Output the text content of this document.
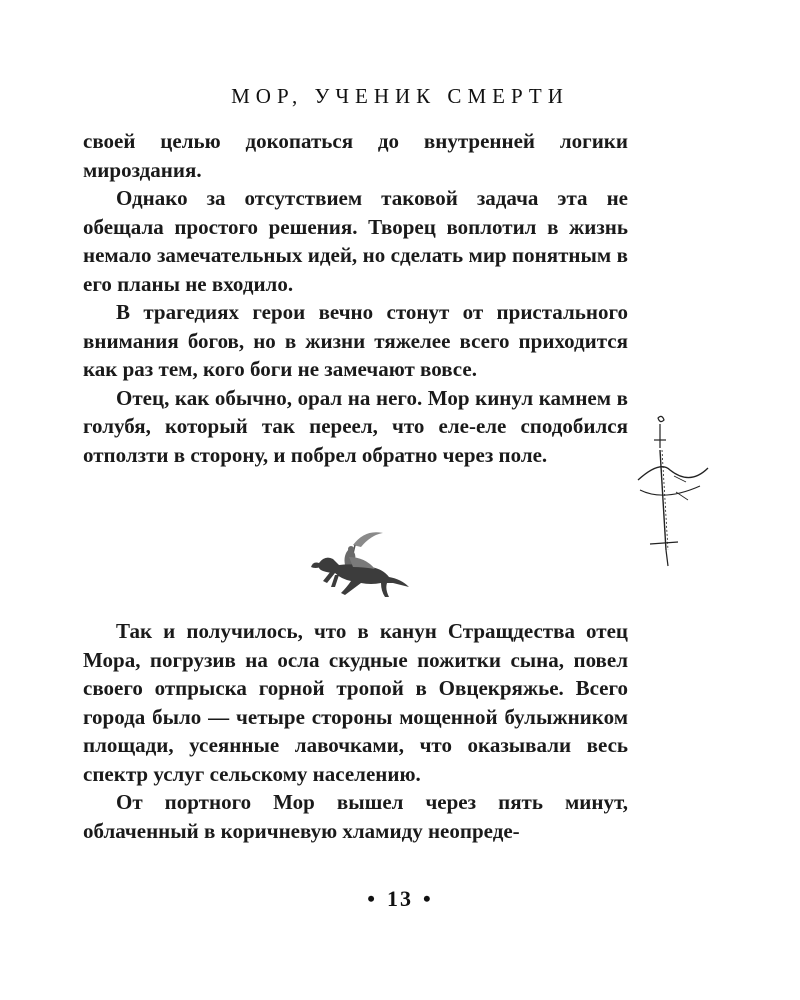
МОР, УЧЕНИК СМЕРТИ

своей целью докопаться до внутренней логики мироздания.

Однако за отсутствием таковой задача эта не обещала простого решения. Творец воплотил в жизнь немало замечательных идей, но сделать мир понятным в его планы не входило.

В трагедиях герои вечно стонут от пристального внимания богов, но в жизни тяжелее всего приходится как раз тем, кого боги не замечают вовсе.

Отец, как обычно, орал на него. Мор кинул камнем в голубя, который так переел, что еле-еле сподобился отползти в сторону, и побрел обратно через поле.

Так и получилось, что в канун Стращдества отец Мора, погрузив на осла скудные пожитки сына, повел своего отпрыска горной тропой в Овцекряжье. Всего города было — четыре стороны мощенной булыжником площади, усеянные лавочками, что оказывали весь спектр услуг сельскому населению.

От портного Мор вышел через пять минут, облаченный в коричневую хламиду неопреде-

• 13 •
